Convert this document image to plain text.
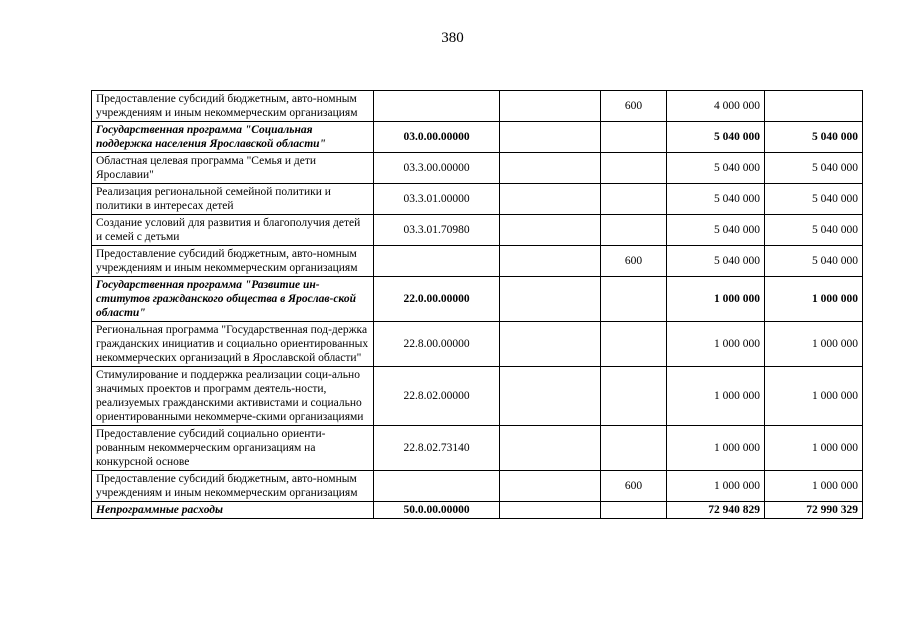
380
Предоставление субсидий бюджетным, авто-номным учреждениям и иным некоммерческим организациям			600	4 000 000	
Государственная программа "Социальная поддержка населения Ярославской области"	03.0.00.00000			5 040 000	5 040 000
Областная целевая программа "Семья и дети Ярославии"	03.3.00.00000			5 040 000	5 040 000
Реализация региональной семейной политики и политики в интересах детей	03.3.01.00000			5 040 000	5 040 000
Создание условий для развития и благополучия детей и семей с детьми	03.3.01.70980			5 040 000	5 040 000
Предоставление субсидий бюджетным, авто-номным учреждениям и иным некоммерческим организациям			600	5 040 000	5 040 000
Государственная программа "Развитие ин-ститутов гражданского общества в Ярослав-ской области"	22.0.00.00000			1 000 000	1 000 000
Региональная программа "Государственная под-держка гражданских инициатив и социально ориентированных некоммерческих организаций в Ярославской области"	22.8.00.00000			1 000 000	1 000 000
Стимулирование и поддержка реализации соци-ально значимых проектов и программ деятель-ности, реализуемых гражданскими активистами и социально ориентированными некоммерче-скими организациями	22.8.02.00000			1 000 000	1 000 000
Предоставление субсидий социально ориенти-рованным некоммерческим организациям на конкурсной основе	22.8.02.73140			1 000 000	1 000 000
Предоставление субсидий бюджетным, авто-номным учреждениям и иным некоммерческим организациям			600	1 000 000	1 000 000
Непрограммные расходы	50.0.00.00000			72 940 829	72 990 329
